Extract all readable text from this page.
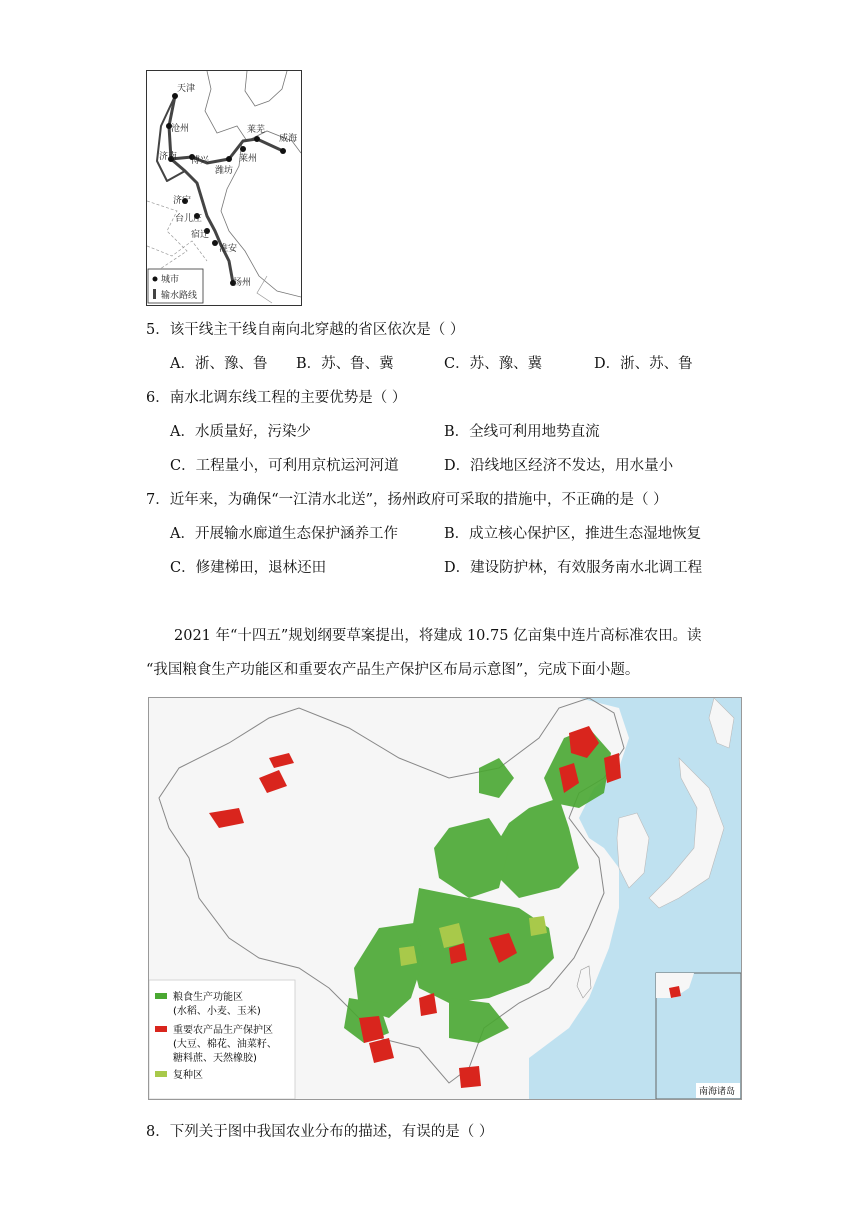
天津
沧州
济南 博兴
潍坊
莱芜
莱州
威海
济宁
台儿庄
宿迁
淮安
扬州
城市
输水路线
5．该干线主干线自南向北穿越的省区依次是（ ）
A．浙、豫、鲁 B．苏、鲁、冀	C．苏、豫、冀	D．浙、苏、鲁
6．南水北调东线工程的主要优势是（ ）
A．水质量好，污染少	B．全线可利用地势直流
C．工程量小，可利用京杭运河河道	D．沿线地区经济不发达，用水量小
7．近年来，为确保“一江清水北送”，扬州政府可采取的措施中，不正确的是（ ）
A．开展输水廊道生态保护涵养工作	B．成立核心保护区，推进生态湿地恢复
C．修建梯田，退林还田	D．建设防护林，有效服务南水北调工程
2021 年“十四五”规划纲要草案提出，将建成 10.75 亿亩集中连片高标准农田。读
“我国粮食生产功能区和重要农产品生产保护区布局示意图”，完成下面小题。
粮食生产功能区
(水稻、小麦、玉米)
重要农产品生产保护区
(大豆、棉花、油菜籽、
糖料蔗、天然橡胶)
复种区
南海诸岛
8．下列关于图中我国农业分布的描述，有误的是（ ）
